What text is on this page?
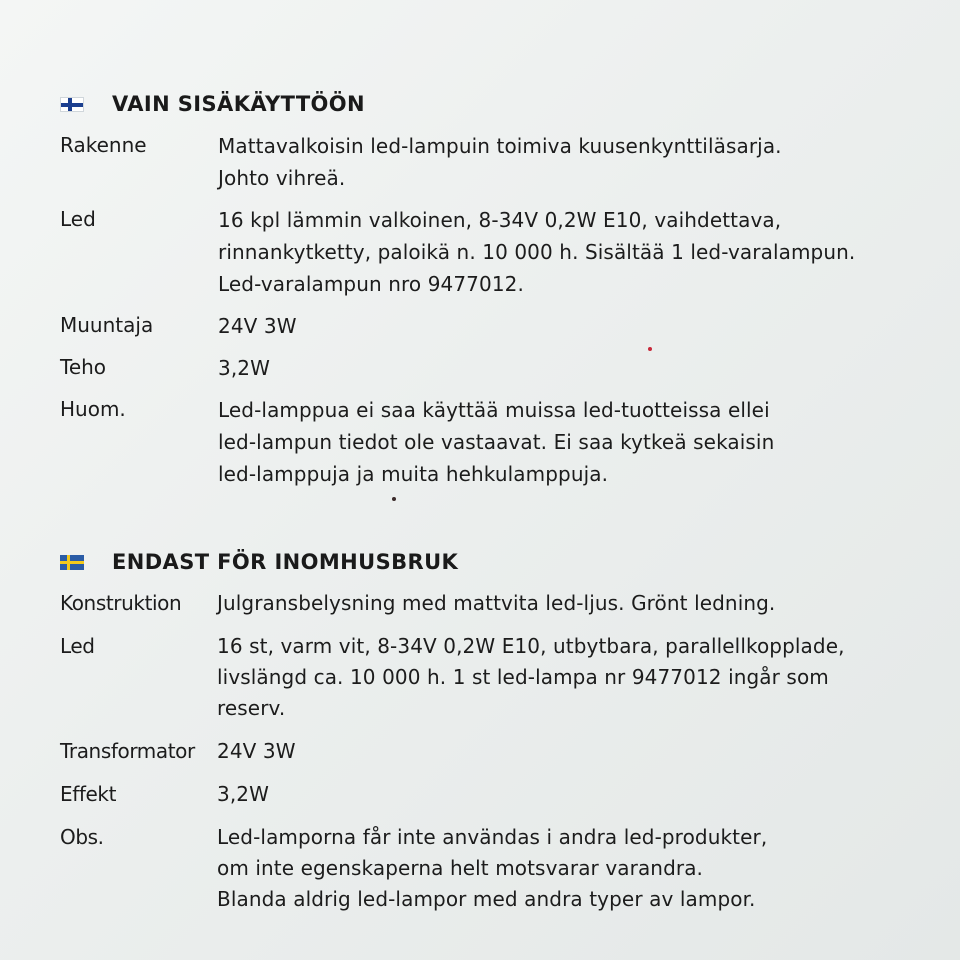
VAIN SISÄKÄYTTÖÖN
Rakenne	Mattavalkoisin led-lampuin toimiva kuusenkynttiläsarja.
Johto vihreä.
Led	16 kpl lämmin valkoinen, 8-34V 0,2W E10, vaihdettava,
rinnankytketty, paloikä n. 10 000 h. Sisältää 1 led-varalampun.
Led-varalampun nro 9477012.
Muuntaja	24V 3W
Teho	3,2W
Huom.	Led-lamppua ei saa käyttää muissa led-tuotteissa ellei
led-lampun tiedot ole vastaavat. Ei saa kytkeä sekaisin
led-lamppuja ja muita hehkulamppuja.
ENDAST FÖR INOMHUSBRUK
Konstruktion	Julgransbelysning med mattvita led-ljus. Grönt ledning.
Led	16 st, varm vit, 8-34V 0,2W E10, utbytbara, parallellkopplade,
livslängd ca. 10 000 h. 1 st led-lampa nr 9477012 ingår som
reserv.
Transformator	24V 3W
Effekt	3,2W
Obs.	Led-lamporna får inte användas i andra led-produkter,
om inte egenskaperna helt motsvarar varandra.
Blanda aldrig led-lampor med andra typer av lampor.
